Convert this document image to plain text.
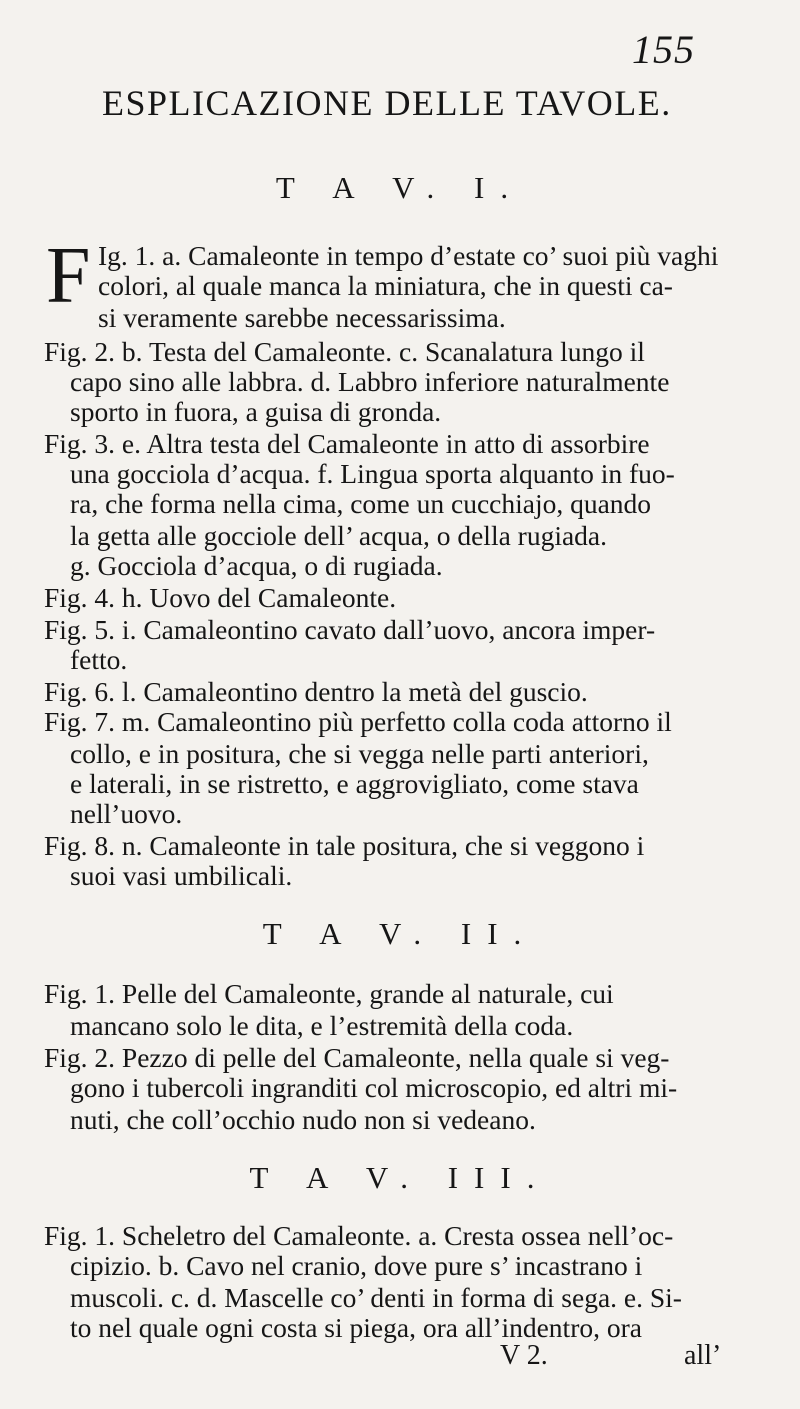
155
ESPLICAZIONE DELLE TAVOLE.
T A V. I.
F Ig. 1. a. Camaleonte in tempo d’estate co’ suoi più vaghi
colori, al quale manca la miniatura, che in questi ca-
si veramente sarebbe necessarissima.
Fig. 2. b. Testa del Camaleonte. c. Scanalatura lungo il
capo sino alle labbra. d. Labbro inferiore naturalmente
sporto in fuora, a guisa di gronda.
Fig. 3. e. Altra testa del Camaleonte in atto di assorbire
una gocciola d’acqua. f. Lingua sporta alquanto in fuo-
ra, che forma nella cima, come un cucchiajo, quando
la getta alle gocciole dell’ acqua, o della rugiada.
g. Gocciola d’acqua, o di rugiada.
Fig. 4. h. Uovo del Camaleonte.
Fig. 5. i. Camaleontino cavato dall’uovo, ancora imper-
fetto.
Fig. 6. l. Camaleontino dentro la metà del guscio.
Fig. 7. m. Camaleontino più perfetto colla coda attorno il
collo, e in positura, che si vegga nelle parti anteriori,
e laterali, in se ristretto, e aggrovigliato, come stava
nell’uovo.
Fig. 8. n. Camaleonte in tale positura, che si veggono i
suoi vasi umbilicali.
T A V. II.
Fig. 1. Pelle del Camaleonte, grande al naturale, cui
mancano solo le dita, e l’estremità della coda.
Fig. 2. Pezzo di pelle del Camaleonte, nella quale si veg-
gono i tubercoli ingranditi col microscopio, ed altri mi-
nuti, che coll’occhio nudo non si vedeano.
T A V. III.
Fig. 1. Scheletro del Camaleonte. a. Cresta ossea nell’oc-
cipizio. b. Cavo nel cranio, dove pure s’ incastrano i
muscoli. c. d. Mascelle co’ denti in forma di sega. e. Si-
to nel quale ogni costa si piega, ora all’indentro, ora
V 2.	all’
